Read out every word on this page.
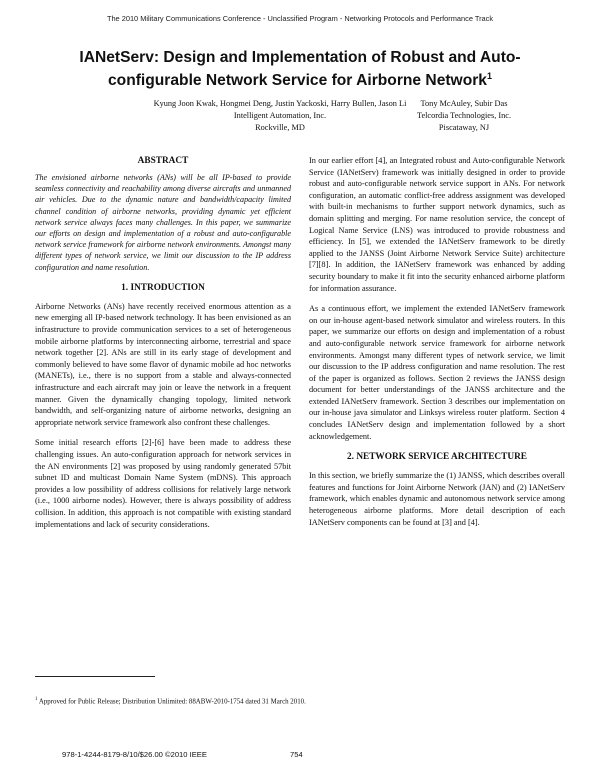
The 2010 Military Communications Conference - Unclassified Program - Networking Protocols and Performance Track
IANetServ: Design and Implementation of Robust and Auto-
configurable Network Service for Airborne Network$^1$
Kyung Joon Kwak, Hongmei Deng, Justin Yackoski, Harry Bullen, Jason Li
Intelligent Automation, Inc.
Rockville, MD
Tony McAuley, Subir Das
Telcordia Technologies, Inc.
Piscataway, NJ
ABSTRACT

The envisioned airborne networks (ANs) will be all IP-based to provide seamless connectivity and reachability among diverse aircrafts and unmanned air vehicles. Due to the dynamic nature and bandwidth/capacity limited channel condition of airborne networks, providing dynamic yet efficient network service always faces many challenges. In this paper, we summarize our efforts on design and implementation of a robust and auto-configurable network service framework for airborne network environments. Amongst many different types of network service, we limit our discussion to the IP address configuration and name resolution.

1. INTRODUCTION

Airborne Networks (ANs) have recently received enormous attention as a new emerging all IP-based network technology. It has been envisioned as an infrastructure to provide communication services to a set of heterogeneous mobile airborne platforms by interconnecting airborne, terrestrial and space network together [2]. ANs are still in its early stage of development and commonly believed to have some flavor of dynamic mobile ad hoc networks (MANETs), i.e., there is no support from a stable and always-connected infrastructure and each aircraft may join or leave the network in a frequent manner. Given the dynamically changing topology, limited network bandwidth, and self-organizing nature of airborne networks, designing an appropriate network service framework also confront these challenges.

Some initial research efforts [2]-[6] have been made to address these challenging issues. An auto-configuration approach for network services in the AN environments [2] was proposed by using randomly generated 57bit subnet ID and multicast Domain Name System (mDNS). This approach provides a low possibility of address collisions for relatively large network (i.e., 1000 airborne nodes). However, there is always possibility of address collision. In addition, this approach is not compatible with existing standard implementations and lack of security considerations.

In our earlier effort [4], an Integrated robust and Auto-configurable Network Service (IANetServ) framework was initially designed in order to provide robust and auto-configurable network service support in ANs. For network configuration, an automatic conflict-free address assignment was developed with built-in mechanisms to further support network dynamics, such as domain splitting and merging. For name resolution service, the concept of Logical Name Service (LNS) was introduced to provide robustness and efficiency. In [5], we extended the IANetServ framework to be diretly applied to the JANSS (Joint Airborne Network Service Suite) architecture [7][8]. In addition, the IANetServ framework was enhanced by adding security boundary to make it fit into the security enhanced airborne platform for information assurance.

As a continuous effort, we implement the extended IANetServ framework on our in-house agent-based network simulator and wireless routers. In this paper, we summarize our efforts on design and implementation of a robust and auto-configurable network service framework for airborne network environments. Amongst many different types of network service, we limit our discussion to the IP address configuration and name resolution. The rest of the paper is organized as follows. Section 2 reviews the JANSS design document for better understandings of the JANSS architecture and the extended IANetServ framework. Section 3 describes our implementation on our in-house java simulator and Linksys wireless router platform. Section 4 concludes IANetServ design and implementation followed by a short acknowledgement.

2. NETWORK SERVICE ARCHITECTURE

In this section, we briefly summarize the (1) JANSS, which describes overall features and functions for Joint Airborne Network (JAN) and (2) IANetServ framework, which enables dynamic and autonomous network service among heterogeneous airborne platforms. More detail description of each IANetServ components can be found at [3] and [4].

$^1$ Approved for Public Release; Distribution Unlimited: 88ABW-2010-1754 dated 31 March 2010.
978-1-4244-8179-8/10/$26.00 ©2010 IEEE	754
